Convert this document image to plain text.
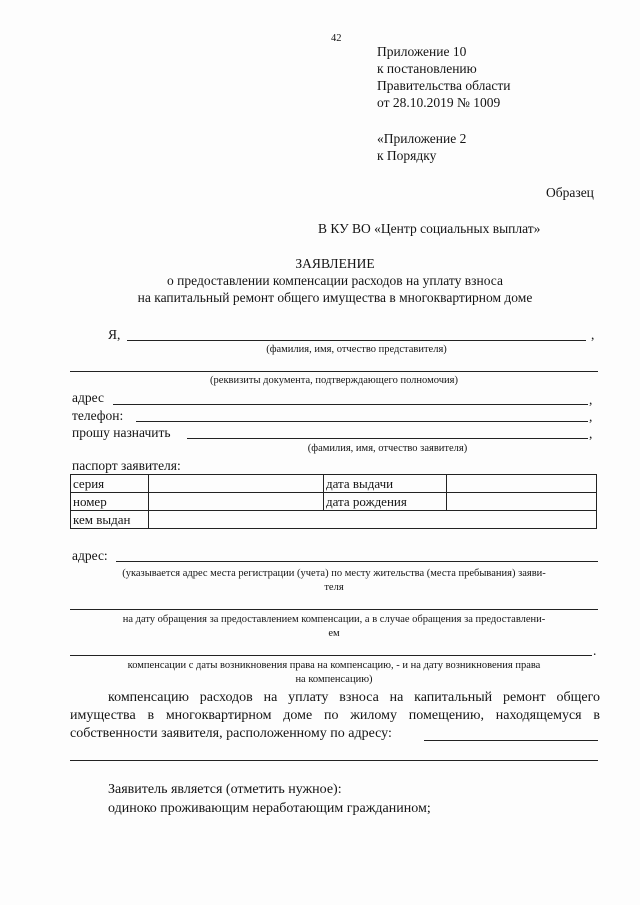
42
Приложение 10
к постановлению
Правительства области
от 28.10.2019 № 1009
«Приложение 2
к Порядку
Образец
В КУ ВО «Центр социальных выплат»
ЗАЯВЛЕНИЕ
о предоставлении компенсации расходов на уплату взноса
на капитальный ремонт общего имущества в многоквартирном доме
Я,	,
(фамилия, имя, отчество представителя)
(реквизиты документа, подтверждающего полномочия)
адрес	,
телефон:	,
прошу назначить	,
(фамилия, имя, отчество заявителя)
паспорт заявителя:
серия		дата выдачи	
номер		дата рождения	
кем выдан			
адрес:
(указывается адрес места регистрации (учета) по месту жительства (места пребывания) заяви-
теля
на дату обращения за предоставлением компенсации, а в случае обращения за предоставлени-
ем
.
компенсации с даты возникновения права на компенсацию, - и на дату возникновения права
на компенсацию)
компенсацию расходов на уплату взноса на капитальный ремонт общего
имущества в многоквартирном доме по жилому помещению, находящемуся в
собственности заявителя, расположенному по адресу:
Заявитель является (отметить нужное):
одиноко проживающим неработающим гражданином;
